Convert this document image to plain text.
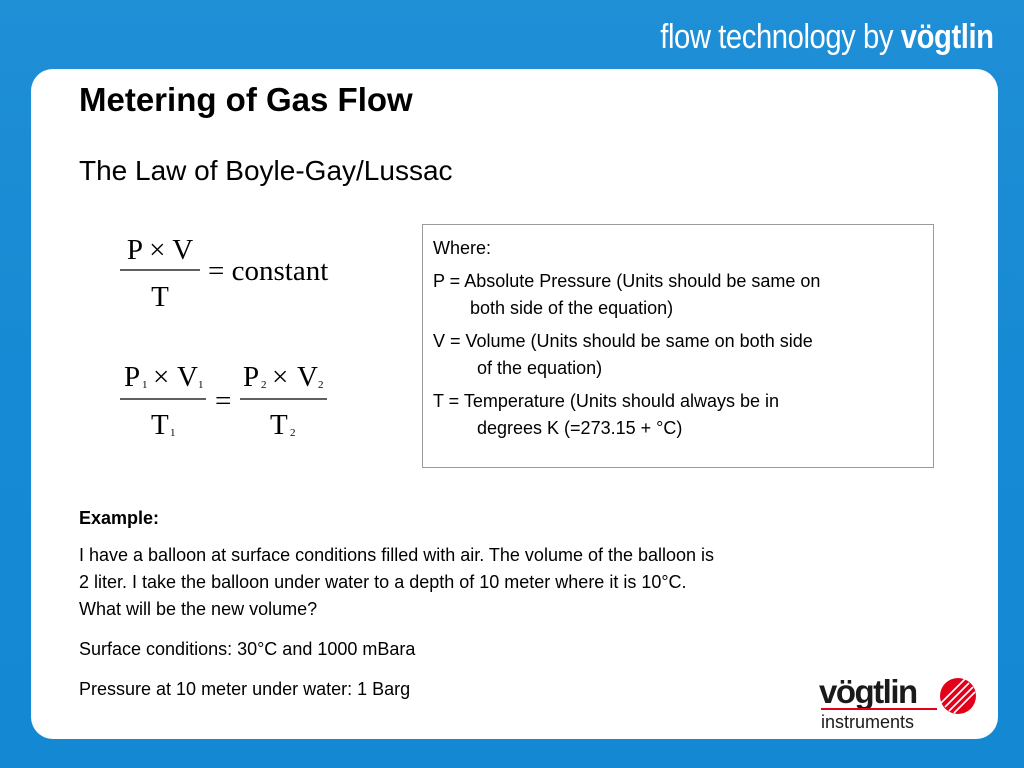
flow technology by vögtlin
Metering of Gas Flow
The Law of Boyle-Gay/Lussac
P × V
T
= constant
P 1 × V 1
T 1
=
P 2 × V 2
T 2

Where:

P = Absolute Pressure (Units should be same on
both side of the equation)

V = Volume (Units should be same on both side
of the equation)

T = Temperature (Units should always be in
degrees K (=273.15 + °C)

Example:

I have a balloon at surface conditions filled with air. The volume of the balloon is
2 liter. I take the balloon under water to a depth of 10 meter where it is 10°C.
What will be the new volume?

Surface conditions: 30°C and 1000 mBara

Pressure at 10 meter under water: 1 Barg	vögtlin
instruments
